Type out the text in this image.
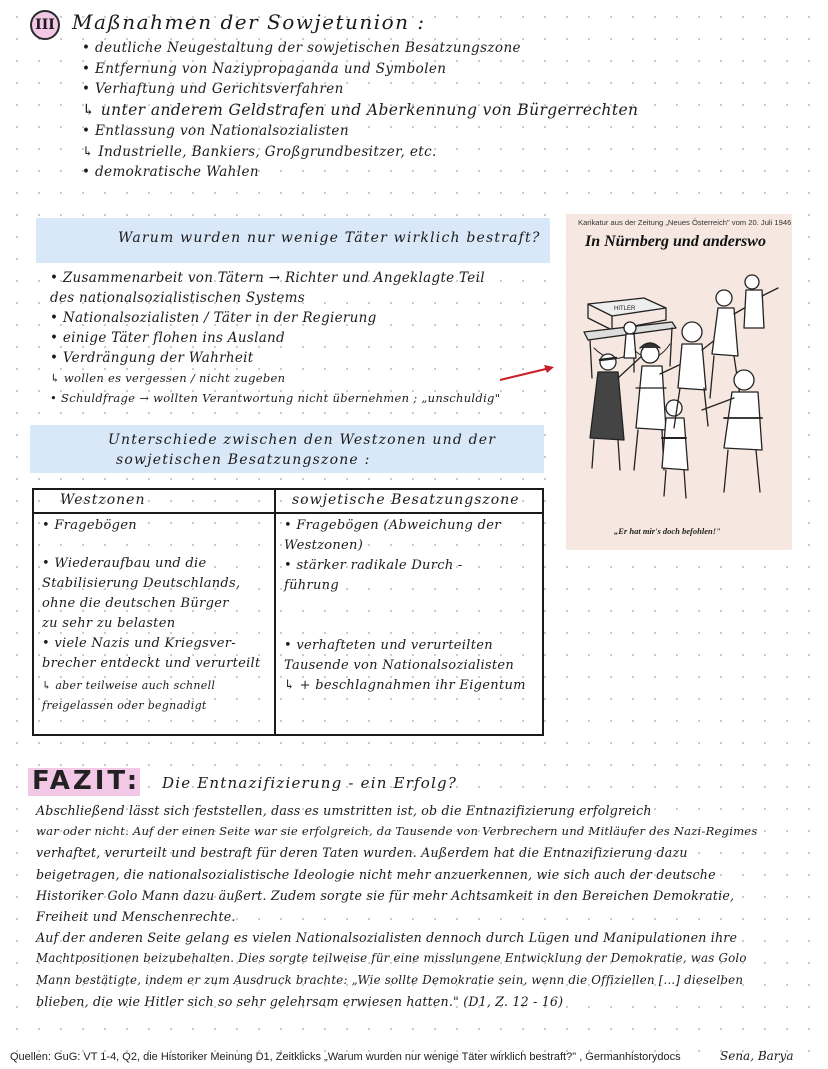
III Maßnahmen der Sowjetunion :
• deutliche Neugestaltung der sowjetischen Besatzungszone
• Entfernung von Naziypropaganda und Symbolen
• Verhaftung und Gerichtsverfahren
↳ unter anderem Geldstrafen und Aberkennung von Bürgerrechten
• Entlassung von Nationalsozialisten
↳ Industrielle, Bankiers, Großgrundbesitzer, etc.
• demokratische Wahlen
Warum wurden nur wenige Täter wirklich bestraft?
• Zusammenarbeit von Tätern → Richter und Angeklagte Teil
des nationalsozialistischen Systems
• Nationalsozialisten / Täter in der Regierung
• einige Täter flohen ins Ausland
• Verdrängung der Wahrheit
↳ wollen es vergessen / nicht zugeben
• Schuldfrage → wollten Verantwortung nicht übernehmen ; „unschuldig"
Unterschiede zwischen den Westzonen und der
sowjetischen Besatzungszone :
Westzonen	sowjetische Besatzungszone
• Fragebögen
• Wiederaufbau und die
Stabilisierung Deutschlands,
ohne die deutschen Bürger
zu sehr zu belasten
• viele Nazis und Kriegsver-
brecher entdeckt und verurteilt
↳ aber teilweise auch schnell
freigelassen oder begnadigt
• Fragebögen (Abweichung der
Westzonen)
• stärker radikale Durch -
führung
• verhafteten und verurteilten
Tausende von Nationalsozialisten
↳ + beschlagnahmen ihr Eigentum
Karikatur aus der Zeitung „Neues Österreich" vom 20. Juli 1946
In Nürnberg und anderswo
HITLER
„Er hat mir's doch befohlen!"
FAZIT: Die Entnazifizierung - ein Erfolg?

Abschließend lässt sich feststellen, dass es umstritten ist, ob die Entnazifizierung erfolgreich

war oder nicht. Auf der einen Seite war sie erfolgreich, da Tausende von Verbrechern und Mitläufer des Nazi-Regimes

verhaftet, verurteilt und bestraft für deren Taten wurden. Außerdem hat die Entnazifizierung dazu

beigetragen, die nationalsozialistische Ideologie nicht mehr anzuerkennen, wie sich auch der deutsche

Historiker Golo Mann dazu äußert. Zudem sorgte sie für mehr Achtsamkeit in den Bereichen Demokratie,

Freiheit und Menschenrechte.

Auf der anderen Seite gelang es vielen Nationalsozialisten dennoch durch Lügen und Manipulationen ihre

Machtpositionen beizubehalten. Dies sorgte teilweise für eine misslungene Entwicklung der Demokratie, was Golo

Mann bestätigte, indem er zum Ausdruck brachte: „Wie sollte Demokratie sein, wenn die Offiziellen [...] dieselben

blieben, die wie Hitler sich so sehr gelehrsam erwiesen hatten." (D1, Z. 12 - 16)

Quellen: GuG: VT 1-4, Q2, die Historiker Meinung D1, Zeitklicks „Warum wurden nur wenige Täter wirklich bestraft?" , Germanhistorydocs	Sena, Barya
